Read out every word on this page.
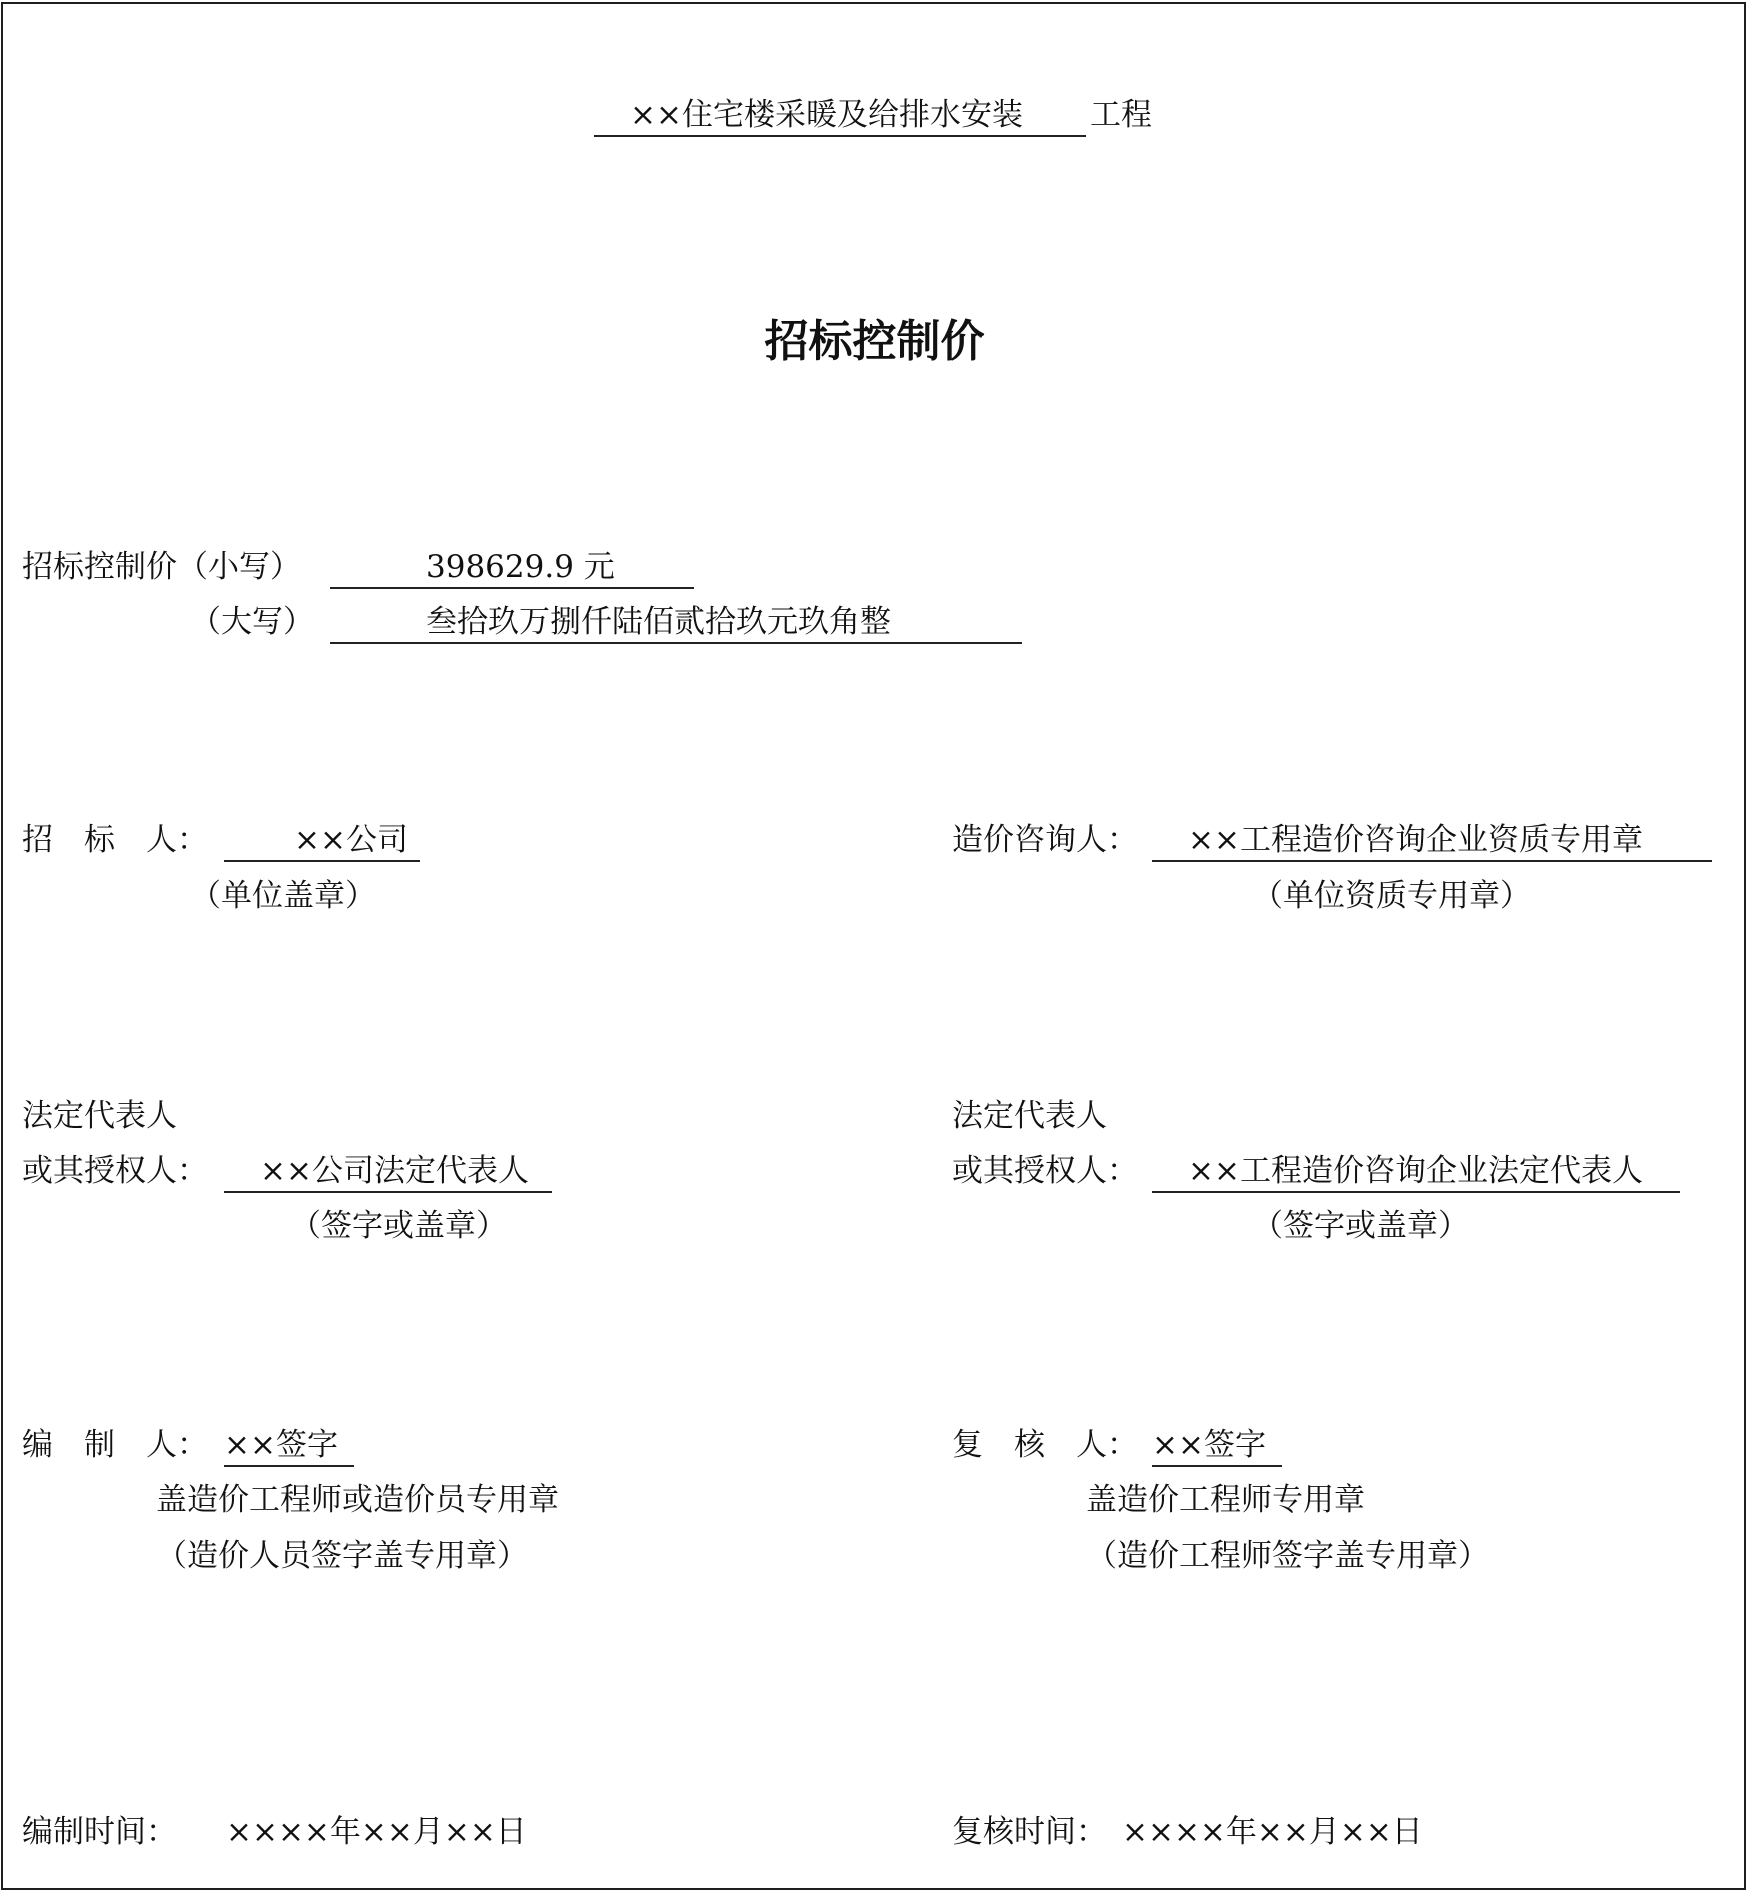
××住宅楼采暖及给排水安装	工程
招标控制价
招标控制价（小写）	398629.9 元
（大写）	叁拾玖万捌仟陆佰贰拾玖元玖角整
招　标　人：	××公司
（单位盖章）
造价咨询人：	××工程造价咨询企业资质专用章
（单位资质专用章）
法定代表人
或其授权人：	××公司法定代表人
（签字或盖章）
法定代表人
或其授权人：	××工程造价咨询企业法定代表人
（签字或盖章）
编　制　人： ××签字
盖造价工程师或造价员专用章
（造价人员签字盖专用章）
复　核　人： ××签字
盖造价工程师专用章
（造价工程师签字盖专用章）
编制时间： ××××年××月××日	复核时间： ××××年××月××日
